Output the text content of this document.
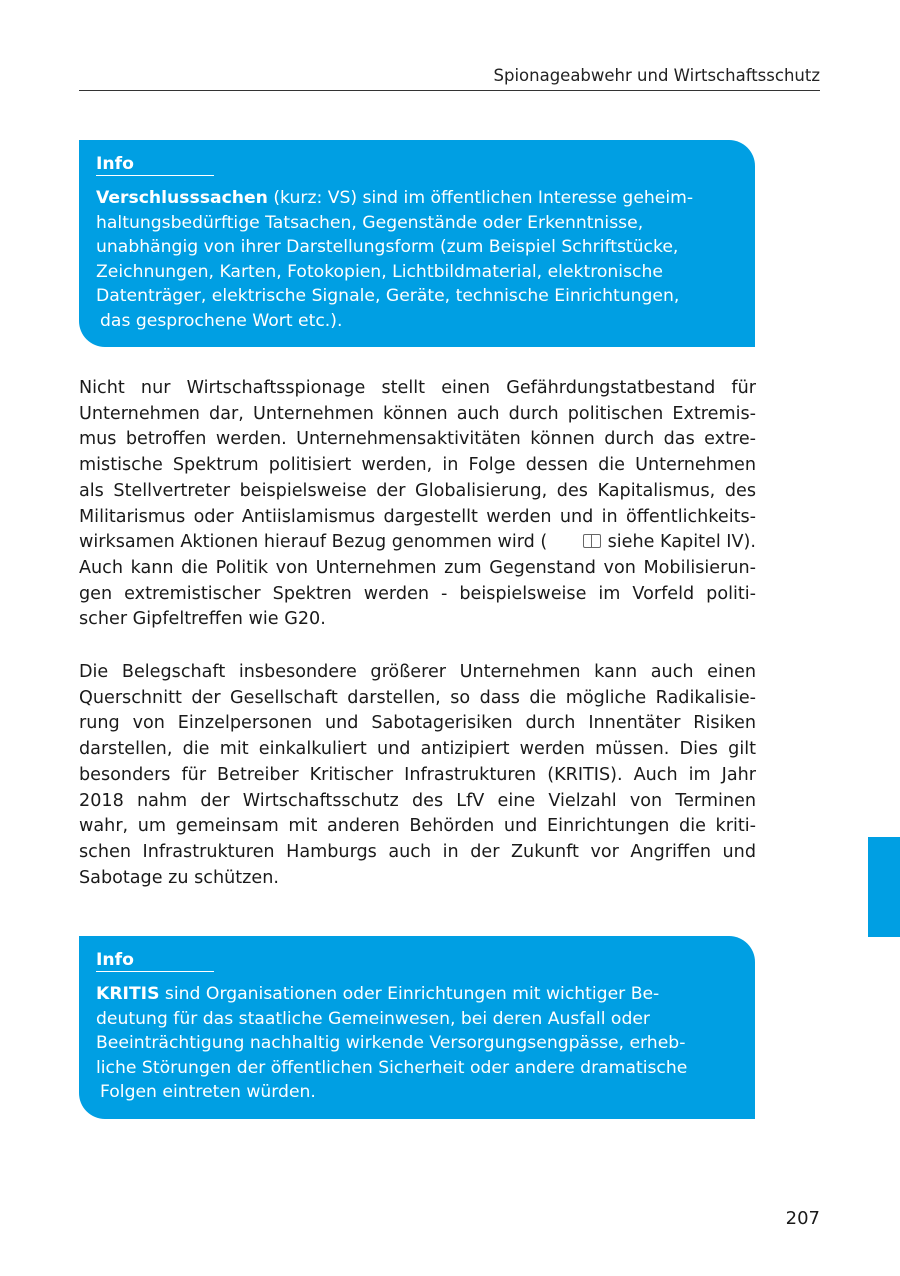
Spionageabwehr und Wirtschaftsschutz
Info
Verschlusssachen (kurz: VS) sind im öffentlichen Interesse geheim-
haltungsbedürftige Tatsachen, Gegenstände oder Erkenntnisse,
unabhängig von ihrer Darstellungsform (zum Beispiel Schriftstücke,
Zeichnungen, Karten, Fotokopien, Lichtbildmaterial, elektronische
Datenträger, elektrische Signale, Geräte, technische Einrichtungen,
das gesprochene Wort etc.).
Nicht nur Wirtschaftsspionage stellt einen Gefährdungstatbestand für
Unternehmen dar, Unternehmen können auch durch politischen Extremis-
mus betroffen werden. Unternehmensaktivitäten können durch das extre-
mistische Spektrum politisiert werden, in Folge dessen die Unternehmen
als Stellvertreter beispielsweise der Globalisierung, des Kapitalismus, des
Militarismus oder Antiislamismus dargestellt werden und in öffentlichkeits-
wirksamen Aktionen hierauf Bezug genommen wird (	siehe Kapitel IV).
Auch kann die Politik von Unternehmen zum Gegenstand von Mobilisierun-
gen extremistischer Spektren werden - beispielsweise im Vorfeld politi-
scher Gipfeltreffen wie G20.
Die Belegschaft insbesondere größerer Unternehmen kann auch einen
Querschnitt der Gesellschaft darstellen, so dass die mögliche Radikalisie-
rung von Einzelpersonen und Sabotagerisiken durch Innentäter Risiken
darstellen, die mit einkalkuliert und antizipiert werden müssen. Dies gilt
besonders für Betreiber Kritischer Infrastrukturen (KRITIS). Auch im Jahr
2018 nahm der Wirtschaftsschutz des LfV eine Vielzahl von Terminen
wahr, um gemeinsam mit anderen Behörden und Einrichtungen die kriti-
schen Infrastrukturen Hamburgs auch in der Zukunft vor Angriffen und
Sabotage zu schützen.
Info
KRITIS sind Organisationen oder Einrichtungen mit wichtiger Be-
deutung für das staatliche Gemeinwesen, bei deren Ausfall oder
Beeinträchtigung nachhaltig wirkende Versorgungsengpässe, erheb-
liche Störungen der öffentlichen Sicherheit oder andere dramatische
Folgen eintreten würden.
207
